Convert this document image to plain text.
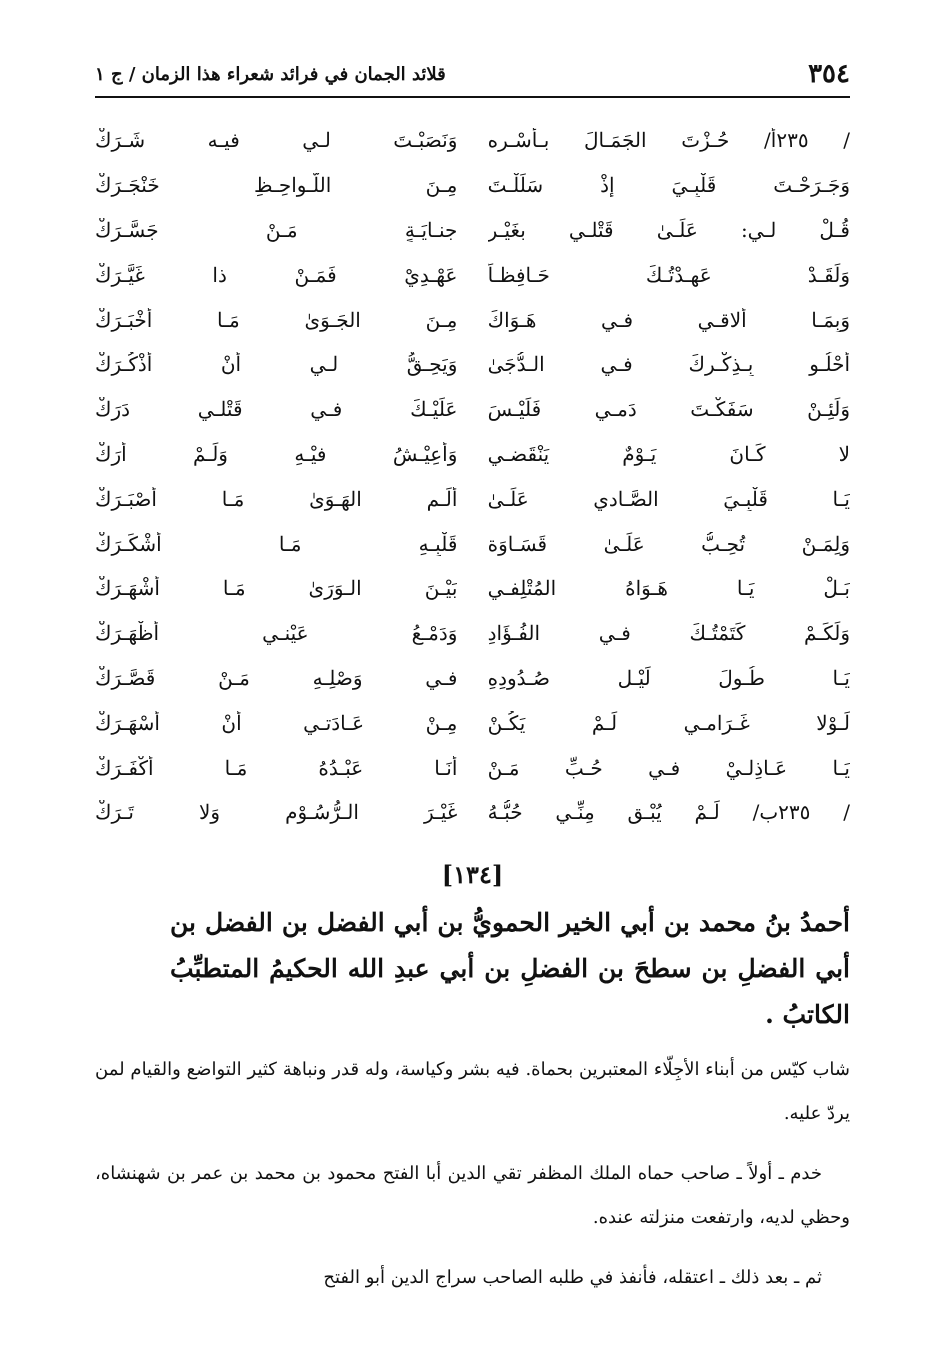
٣٥٤
قلائد الجمان في فرائد شعراء هذا الزمان / ج ١
/ ٢٣٥أ/ حُـزْتَ الجَمَـالَ بـأسْـرِه
وَنَصَبْـتَ لـي فيـه شَـرَكْ
وَجَـرَحْـتَ قَلْبِـيَ إذْ سَلَلْـتَ
مِـنَ اللَّـواحِـظِ خَنْجَـرَكْ
قُـلْ لـي: عَلَـىٰ قَتْلـي بغَيْـرِ
جنـايَـةٍ مَـنْ جَسَّـرَكْ
وَلَقَـدْ عَهِـدْتُـكَ حَـافِظـاً
عَهْـدِيْ فَمَـنْ ذا غَيَّـرَكْ
وَبِمَـا أُلاقـي فـي هَـوَاكَ
مِـنَ الجَـوَىٰ مَـا أخْبَـرَكْ
أَحْلُـو بِـذِكْـرِكَ فـي الـدُّجَىٰ
وَيَحِـقُّ لـي أنْ أذْكُـرَكْ
وَلَئِـنْ سَفَكْـتَ دَمـي فَلَيْـسَ
عَلَيْـكَ فـي قَتْلـي دَرَكْ
لا كَـانَ يَـوْمٌ يَنْقَضـي
وَأعِيْـشُ فيْـهِ وَلَـمْ أرَكْ
يَـا قَلْبِـيَ الصَّـادي عَلَـىٰ
أَلَـمِ الهَـوَىٰ مَـا أصْبَـرَكْ
وَلِمَـنْ تُحِـبُّ عَلَـىٰ قَسَـاوَة
قَلْبِـهِ مَـا أشْكَـرَكْ
بَـلْ يَـا هَـوَاهُ المُتْلِفـي
بَيْـنَ الـوَرَىٰ مَـا أشْهَـرَكْ
وَلَكَـمْ كَتَمْتُـكَ فـي الفُـؤَادِ
وَدَمْـعُ عَيْنـي أظْهَـرَكْ
يَـا طُـولَ لَيْـلِ صُـدُودِهِ
فـي وَصْلِـهِ مَـنْ قَصَّـرَكْ
لَـوْلا غَـرَامـي لَـمْ يَكُـنْ
مِـنْ عَـادَتـي أنْ أسْهَـرَكْ
يَـا عَـاذِلـيْ فـي حُـبِّ مَـنْ
أنَـا عَبْـدُهُ مَـا أكْفَـرَكْ
/ ٢٣٥ب/ لَـمْ يُبْـقِ مِنِّـي حُبُّـهُ
غَيْـرَ الـرُّسُـوْمِ وَلا تَـرَكْ
[١٣٤]
أحمدُ بنُ محمد بن أبي الخير الحمويُّ بن أبي الفضل بن الفضل بن أبي الفضلِ بن سطحَ بن الفضلِ بن أبي عبدِ الله الحكيمُ المتطبِّبُ الكاتبُ .

شاب كيّس من أبناء الأجِلّاء المعتبرين بحماة. فيه بشر وكياسة، وله قدر ونباهة كثير التواضع والقيام لمن يردّ عليه.

خدم ـ أولاً ـ صاحب حماه الملك المظفر تقي الدين أبا الفتح محمود بن محمد بن عمر بن شهنشاه، وحظي لديه، وارتفعت منزلته عنده.

ثم ـ بعد ذلك ـ اعتقله، فأنفذ في طلبه الصاحب سراج الدين أبو الفتح
